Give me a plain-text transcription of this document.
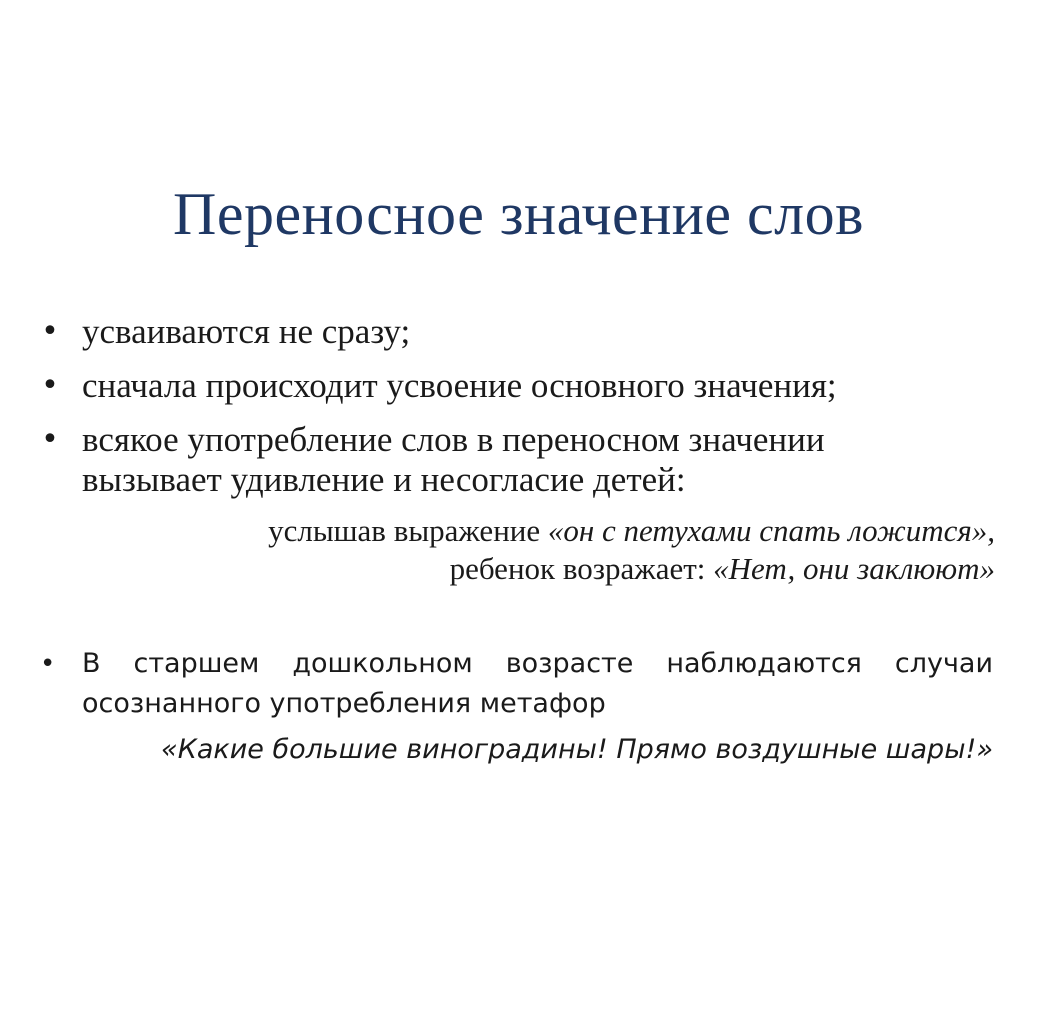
Переносное значение слов
• усваиваются не сразу;
• сначала происходит усвоение основного значения;
• всякое употребление слов в переносном значении вызывает удивление и несогласие детей:
услышав выражение «он с петухами спать ложится»,
ребенок возражает: «Нет, они заклюют»
• В старшем дошкольном возрасте наблюдаются случаи
осознанного употребления метафор
«Какие большие виноградины! Прямо воздушные шары!»
